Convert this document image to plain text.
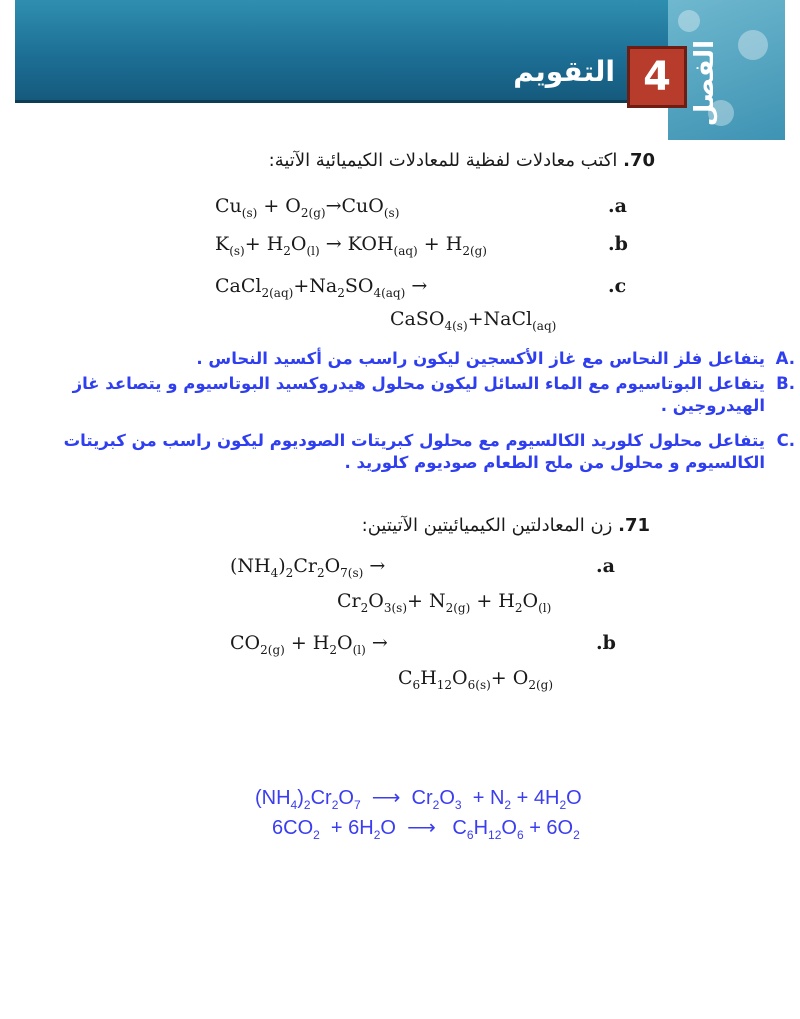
الفصل
4
التقويم
70. اكتب معادلات لفظية للمعادلات الكيميائية الآتية:
$Cu_{(s)} + O_{2(g)}\to CuO_{(s)}$	.a
$K_{(s)}+ H_2O_{(l)} \to KOH_{(aq)} + H_{2(g)}$	.b
$CaCl_{2(aq)}+Na_2SO_{4(aq)}$ →	.c
CaSO$_{4(s)}$+NaCl$_{(aq)}$
A.
يتفاعل فلز النحاس مع غاز الأكسجين ليكون راسب من أكسيد النحاس .
B.
يتفاعل البوتاسيوم مع الماء السائل ليكون محلول هيدروكسيد البوتاسيوم و يتصاعد غاز الهيدروجين .
C.
يتفاعل محلول كلوريد الكالسيوم مع محلول كبريتات الصوديوم ليكون راسب من كبريتات الكالسيوم و محلول من ملح الطعام صوديوم كلوريد .
71. زن المعادلتين الكيميائيتين الآتيتين:
$(NH_4)_2Cr_2O_{7(s)}$ →	.a
$Cr_2O_{3(s)}+ N_{2(g)} + H_2O_{(l)}$
$CO_{2(g)} + H_2O_{(l)}$ →	.b
$C_6H_{12}O_{6(s)}+ O_{2(g)}$
$(NH_4)_2Cr_2O_7$  ⟶  $Cr_2O_3 + N_2 + 4H_2O$
$6CO_2 + 6H_2O$  ⟶   $C_6H_{12}O_6 + 6O_2$
